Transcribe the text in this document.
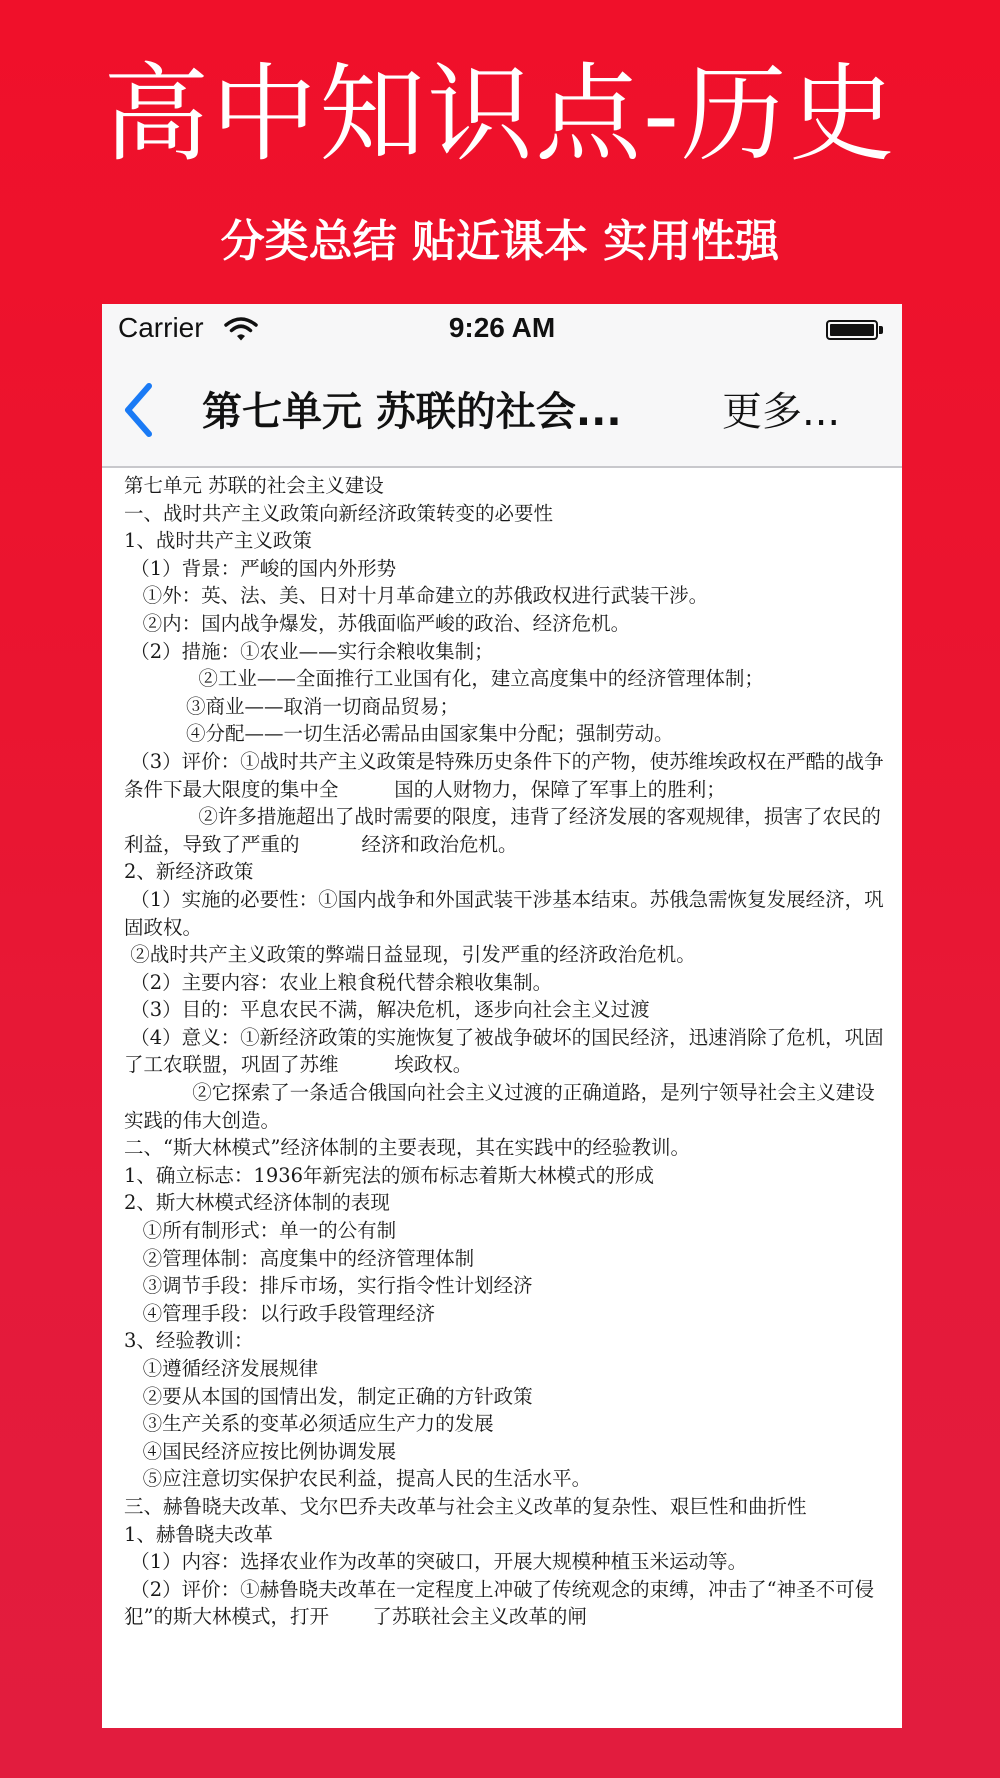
高中知识点-历史
分类总结 贴近课本 实用性强
Carrier	9:26 AM
第七单元 苏联的社会...	更多...
第七单元 苏联的社会主义建设
一、战时共产主义政策向新经济政策转变的必要性
1、战时共产主义政策
（1）背景：严峻的国内外形势
①外：英、法、美、日对十月革命建立的苏俄政权进行武装干涉。
②内：国内战争爆发，苏俄面临严峻的政治、经济危机。
（2）措施：①农业——实行余粮收集制；
②工业——全面推行工业国有化，建立高度集中的经济管理体制；
③商业——取消一切商品贸易；
④分配——一切生活必需品由国家集中分配；强制劳动。
（3）评价：①战时共产主义政策是特殊历史条件下的产物，使苏维埃政权在严酷的战争条件下最大限度的集中全         国的人财物力，保障了军事上的胜利；
②许多措施超出了战时需要的限度，违背了经济发展的客观规律，损害了农民的利益，导致了严重的          经济和政治危机。
2、新经济政策
（1）实施的必要性：①国内战争和外国武装干涉基本结束。苏俄急需恢复发展经济，巩固政权。
②战时共产主义政策的弊端日益显现，引发严重的经济政治危机。
（2）主要内容：农业上粮食税代替余粮收集制。
（3）目的：平息农民不满，解决危机，逐步向社会主义过渡
（4）意义：①新经济政策的实施恢复了被战争破坏的国民经济，迅速消除了危机，巩固了工农联盟，巩固了苏维         埃政权。
②它探索了一条适合俄国向社会主义过渡的正确道路，是列宁领导社会主义建设实践的伟大创造。
二、“斯大林模式”经济体制的主要表现，其在实践中的经验教训。
1、确立标志：1936年新宪法的颁布标志着斯大林模式的形成
2、斯大林模式经济体制的表现
①所有制形式：单一的公有制
②管理体制：高度集中的经济管理体制
③调节手段：排斥市场，实行指令性计划经济
④管理手段：以行政手段管理经济
3、经验教训：
①遵循经济发展规律
②要从本国的国情出发，制定正确的方针政策
③生产关系的变革必须适应生产力的发展
④国民经济应按比例协调发展
⑤应注意切实保护农民利益，提高人民的生活水平。
三、赫鲁晓夫改革、戈尔巴乔夫改革与社会主义改革的复杂性、艰巨性和曲折性
1、赫鲁晓夫改革
（1）内容：选择农业作为改革的突破口，开展大规模种植玉米运动等。
（2）评价：①赫鲁晓夫改革在一定程度上冲破了传统观念的束缚，冲击了“神圣不可侵犯”的斯大林模式，打开       了苏联社会主义改革的闸
